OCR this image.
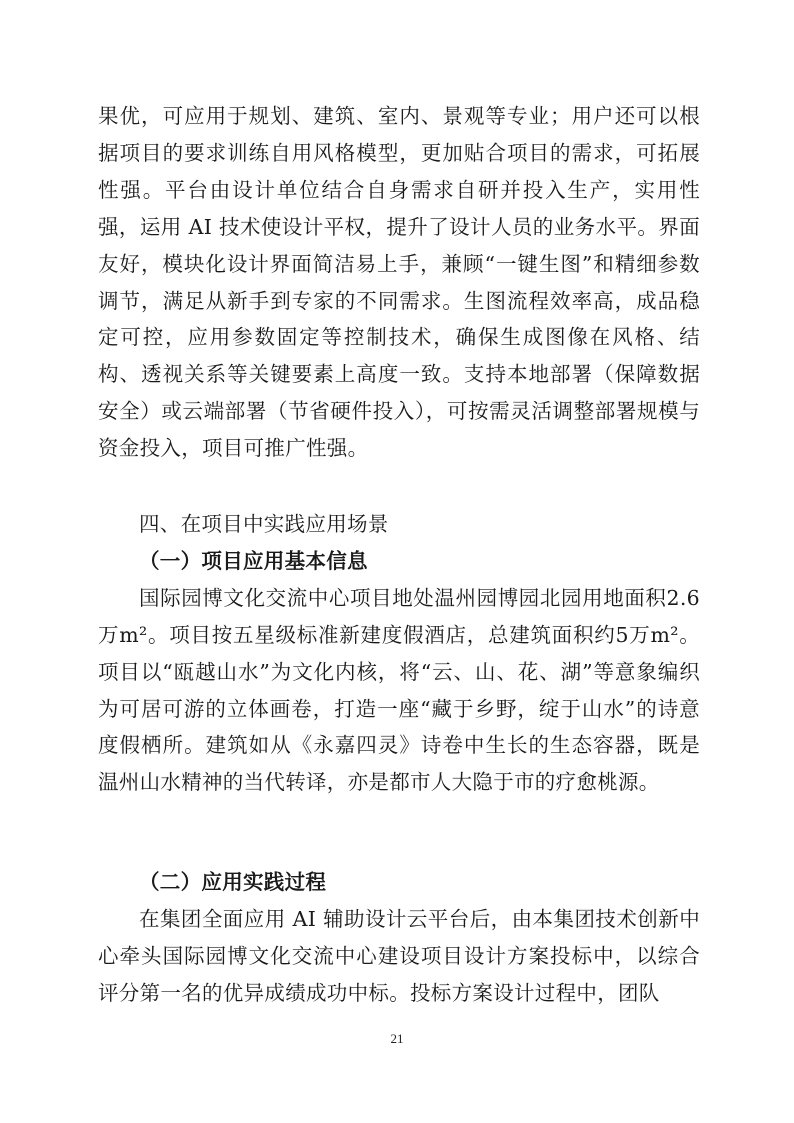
果优，可应用于规划、建筑、室内、景观等专业；用户还可以根据项目的要求训练自用风格模型，更加贴合项目的需求，可拓展性强。平台由设计单位结合自身需求自研并投入生产，实用性强，运用 AI 技术使设计平权，提升了设计人员的业务水平。界面友好，模块化设计界面简洁易上手，兼顾“一键生图”和精细参数调节，满足从新手到专家的不同需求。生图流程效率高，成品稳定可控，应用参数固定等控制技术，确保生成图像在风格、结构、透视关系等关键要素上高度一致。支持本地部署（保障数据安全）或云端部署（节省硬件投入），可按需灵活调整部署规模与资金投入，项目可推广性强。

四、在项目中实践应用场景

（一）项目应用基本信息

国际园博文化交流中心项目地处温州园博园北园用地面积2.6万m²。项目按五星级标准新建度假酒店，总建筑面积约5万m²。项目以“瓯越山水”为文化内核，将“云、山、花、湖”等意象编织为可居可游的立体画卷，打造一座“藏于乡野，绽于山水”的诗意度假栖所。建筑如从《永嘉四灵》诗卷中生长的生态容器，既是温州山水精神的当代转译，亦是都市人大隐于市的疗愈桃源。

（二）应用实践过程

在集团全面应用 AI 辅助设计云平台后，由本集团技术创新中心牵头国际园博文化交流中心建设项目设计方案投标中，以综合评分第一名的优异成绩成功中标。投标方案设计过程中，团队

21
